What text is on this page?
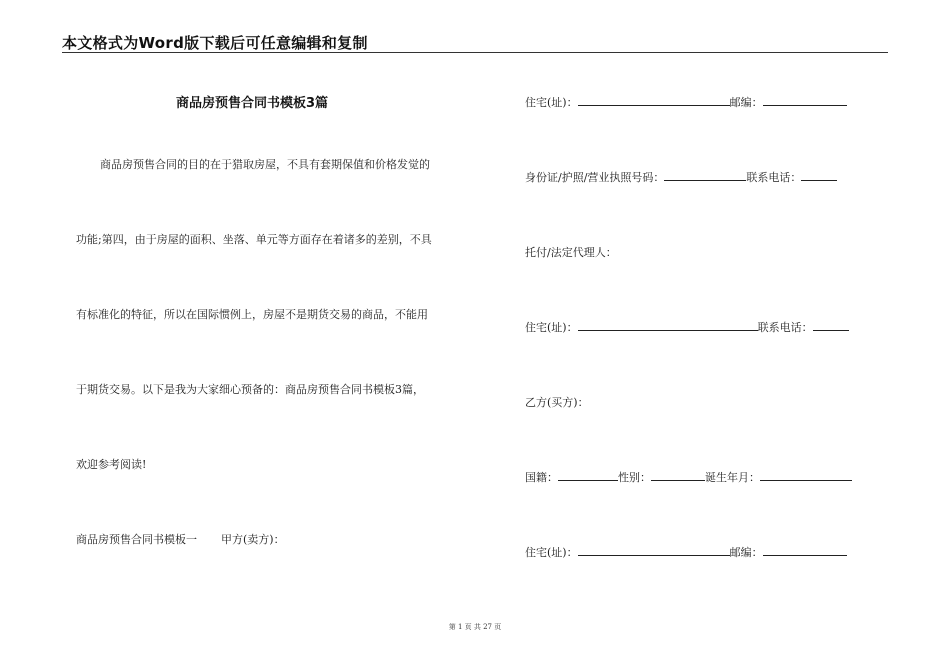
本文格式为Word版下载后可任意编辑和复制
商品房预售合同书模板3篇
商品房预售合同的目的在于猎取房屋，不具有套期保值和价格发觉的
功能;第四，由于房屋的面积、坐落、单元等方面存在着诸多的差别，不具
有标准化的特征，所以在国际惯例上，房屋不是期货交易的商品，不能用
于期货交易。以下是我为大家细心预备的：商品房预售合同书模板3篇，
欢迎参考阅读!
商品房预售合同书模板一 甲方(卖方)：
住宅(址)：	邮编：
身份证/护照/营业执照号码：	联系电话：
托付/法定代理人：
住宅(址)：	联系电话：
乙方(买方)：
国籍：	性别：	诞生年月：
住宅(址)：	邮编：
第 1 页 共 27 页
